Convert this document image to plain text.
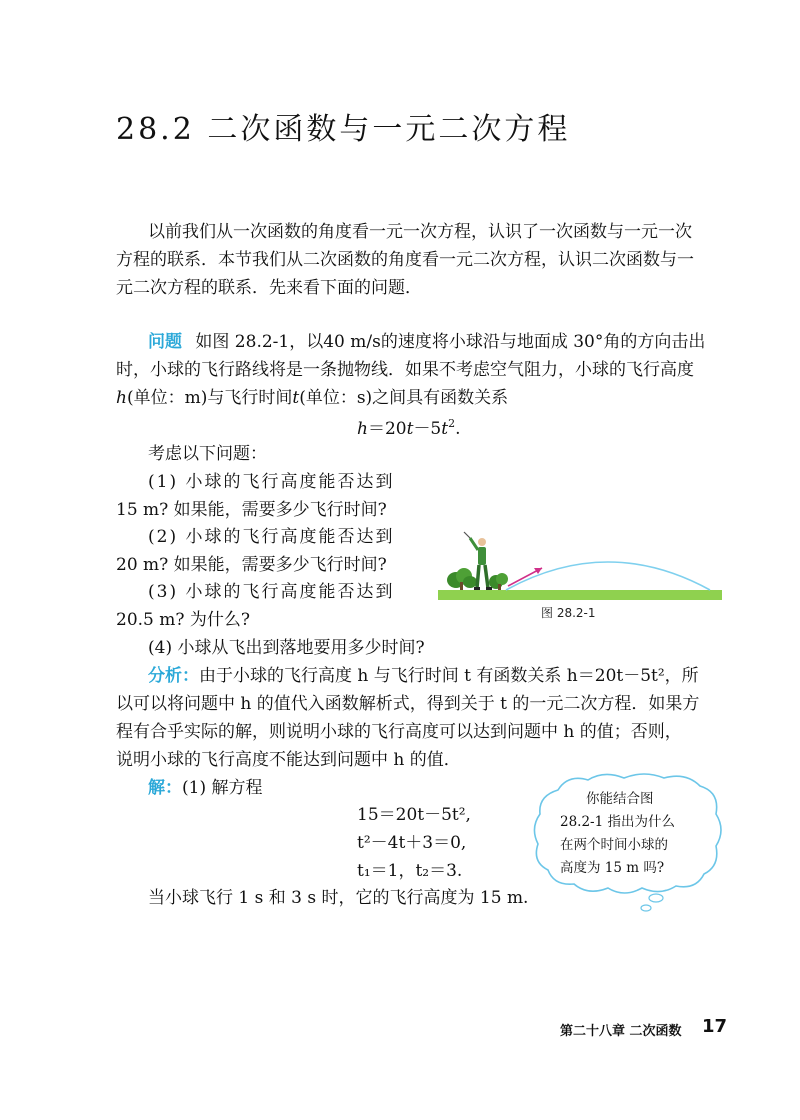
28.2 二次函数与一元二次方程
以前我们从一次函数的角度看一元一次方程，认识了一次函数与一元一次
方程的联系．本节我们从二次函数的角度看一元二次方程，认识二次函数与一
元二次方程的联系．先来看下面的问题．
问题 如图 28.2-1，以40 m/s的速度将小球沿与地面成 30°角的方向击出
时，小球的飞行路线将是一条抛物线．如果不考虑空气阻力，小球的飞行高度
h(单位：m)与飞行时间t(单位：s)之间具有函数关系
$h=20t-5t^2$.
考虑以下问题：
(1) 小球的飞行高度能否达到
15 m? 如果能，需要多少飞行时间?
(2) 小球的飞行高度能否达到
20 m? 如果能，需要多少飞行时间?
(3) 小球的飞行高度能否达到
20.5 m? 为什么?
(4) 小球从飞出到落地要用多少时间?
图 28.2-1
分析：由于小球的飞行高度 h 与飞行时间 t 有函数关系 h＝20t－5t²，所
以可以将问题中 h 的值代入函数解析式，得到关于 t 的一元二次方程．如果方
程有合乎实际的解，则说明小球的飞行高度可以达到问题中 h 的值；否则，
说明小球的飞行高度不能达到问题中 h 的值．
解：(1) 解方程
15＝20t－5t²,
t²－4t＋3＝0,
t₁＝1，t₂＝3.
当小球飞行 1 s 和 3 s 时，它的飞行高度为 15 m.
你能结合图
28.2-1 指出为什么
在两个时间小球的
高度为 15 m 吗?
第二十八章 二次函数 17
